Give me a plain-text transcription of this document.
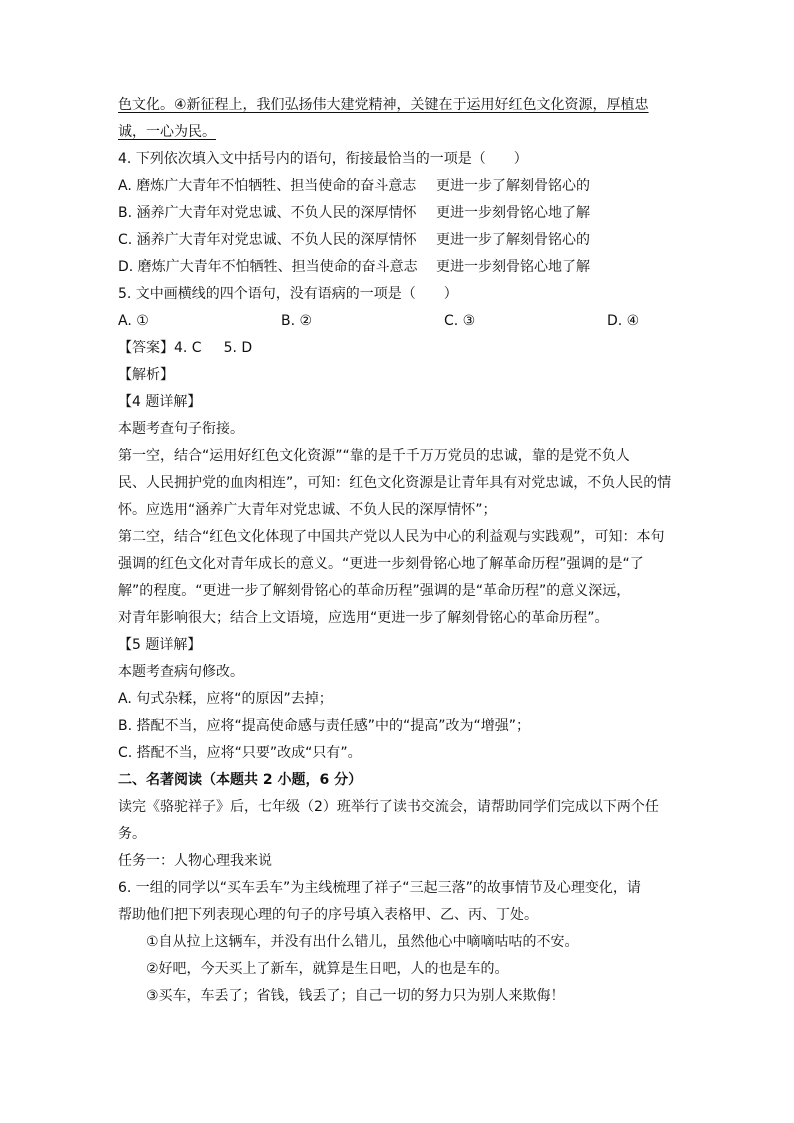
色文化。④新征程上，我们弘扬伟大建党精神，关键在于运用好红色文化资源，厚植忠
诚，一心为民。
4. 下列依次填入文中括号内的语句，衔接最恰当的一项是（　　）
A. 磨炼广大青年不怕牺牲、担当使命的奋斗意志 更进一步了解刻骨铭心的
B. 涵养广大青年对党忠诚、不负人民的深厚情怀 更进一步刻骨铭心地了解
C. 涵养广大青年对党忠诚、不负人民的深厚情怀 更进一步了解刻骨铭心的
D. 磨炼广大青年不怕牺牲、担当使命的奋斗意志 更进一步刻骨铭心地了解
5. 文中画横线的四个语句，没有语病的一项是（　　）
A. ①	B. ②	C. ③	D. ④
【答案】4. C 5. D
【解析】
【4 题详解】
本题考查句子衔接。
第一空，结合“运用好红色文化资源”“靠的是千千万万党员的忠诚，靠的是党不负人
民、人民拥护党的血肉相连”，可知：红色文化资源是让青年具有对党忠诚，不负人民的情
怀。应选用“涵养广大青年对党忠诚、不负人民的深厚情怀”；
第二空，结合“红色文化体现了中国共产党以人民为中心的利益观与实践观”，可知：本句
强调的红色文化对青年成长的意义。“更进一步刻骨铭心地了解革命历程”强调的是“了
解”的程度。“更进一步了解刻骨铭心的革命历程”强调的是“革命历程”的意义深远，
对青年影响很大；结合上文语境，应选用“更进一步了解刻骨铭心的革命历程”。
【5 题详解】
本题考查病句修改。
A. 句式杂糅，应将“的原因”去掉；
B. 搭配不当，应将“提高使命感与责任感”中的“提高”改为“增强”；
C. 搭配不当，应将“只要”改成“只有”。
二、名著阅读（本题共 2 小题，6 分）
读完《骆驼祥子》后，七年级（2）班举行了读书交流会，请帮助同学们完成以下两个任
务。
任务一：人物心理我来说
6. 一组的同学以“买车丢车”为主线梳理了祥子“三起三落”的故事情节及心理变化，请
帮助他们把下列表现心理的句子的序号填入表格甲、乙、丙、丁处。
①自从拉上这辆车，并没有出什么错儿，虽然他心中嘀嘀咕咕的不安。
②好吧，今天买上了新车，就算是生日吧，人的也是车的。
③买车，车丢了；省钱，钱丢了；自己一切的努力只为别人来欺侮！
